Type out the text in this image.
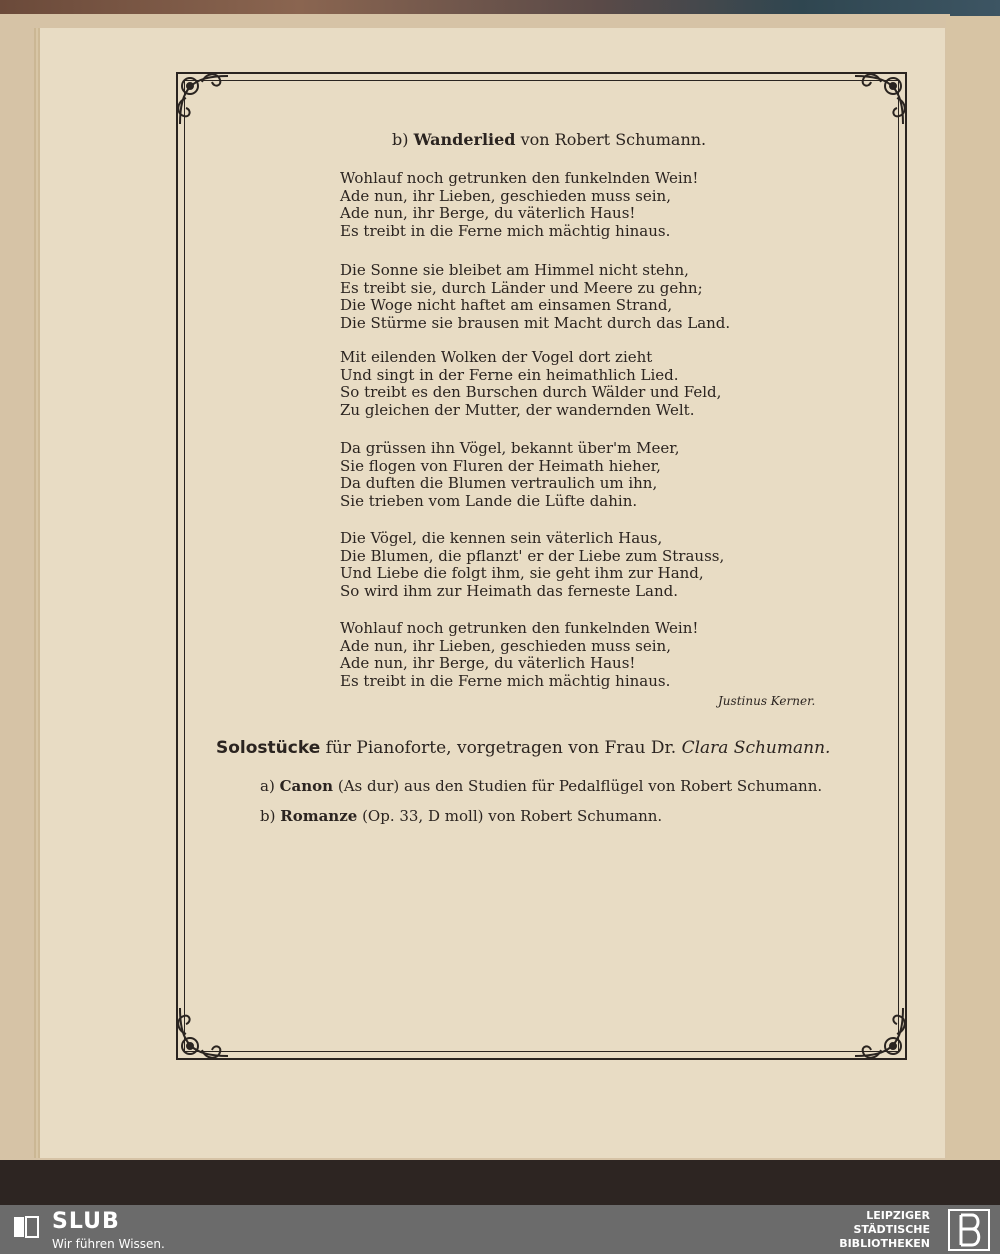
b) Wanderlied von Robert Schumann.
Wohlauf noch getrunken den funkelnden Wein!
Ade nun, ihr Lieben, geschieden muss sein,
Ade nun, ihr Berge, du väterlich Haus!
Es treibt in die Ferne mich mächtig hinaus.
Die Sonne sie bleibet am Himmel nicht stehn,
Es treibt sie, durch Länder und Meere zu gehn;
Die Woge nicht haftet am einsamen Strand,
Die Stürme sie brausen mit Macht durch das Land.
Mit eilenden Wolken der Vogel dort zieht
Und singt in der Ferne ein heimathlich Lied.
So treibt es den Burschen durch Wälder und Feld,
Zu gleichen der Mutter, der wandernden Welt.
Da grüssen ihn Vögel, bekannt über'm Meer,
Sie flogen von Fluren der Heimath hieher,
Da duften die Blumen vertraulich um ihn,
Sie trieben vom Lande die Lüfte dahin.
Die Vögel, die kennen sein väterlich Haus,
Die Blumen, die pflanzt' er der Liebe zum Strauss,
Und Liebe die folgt ihm, sie geht ihm zur Hand,
So wird ihm zur Heimath das ferneste Land.
Wohlauf noch getrunken den funkelnden Wein!
Ade nun, ihr Lieben, geschieden muss sein,
Ade nun, ihr Berge, du väterlich Haus!
Es treibt in die Ferne mich mächtig hinaus.
Justinus Kerner.
Solostücke für Pianoforte, vorgetragen von Frau Dr. Clara Schumann.
a) Canon (As dur) aus den Studien für Pedalflügel von Robert Schumann.
b) Romanze (Op. 33, D moll) von Robert Schumann.
SLUB
Wir führen Wissen.
LEIPZIGER
STÄDTISCHE
BIBLIOTHEKEN
